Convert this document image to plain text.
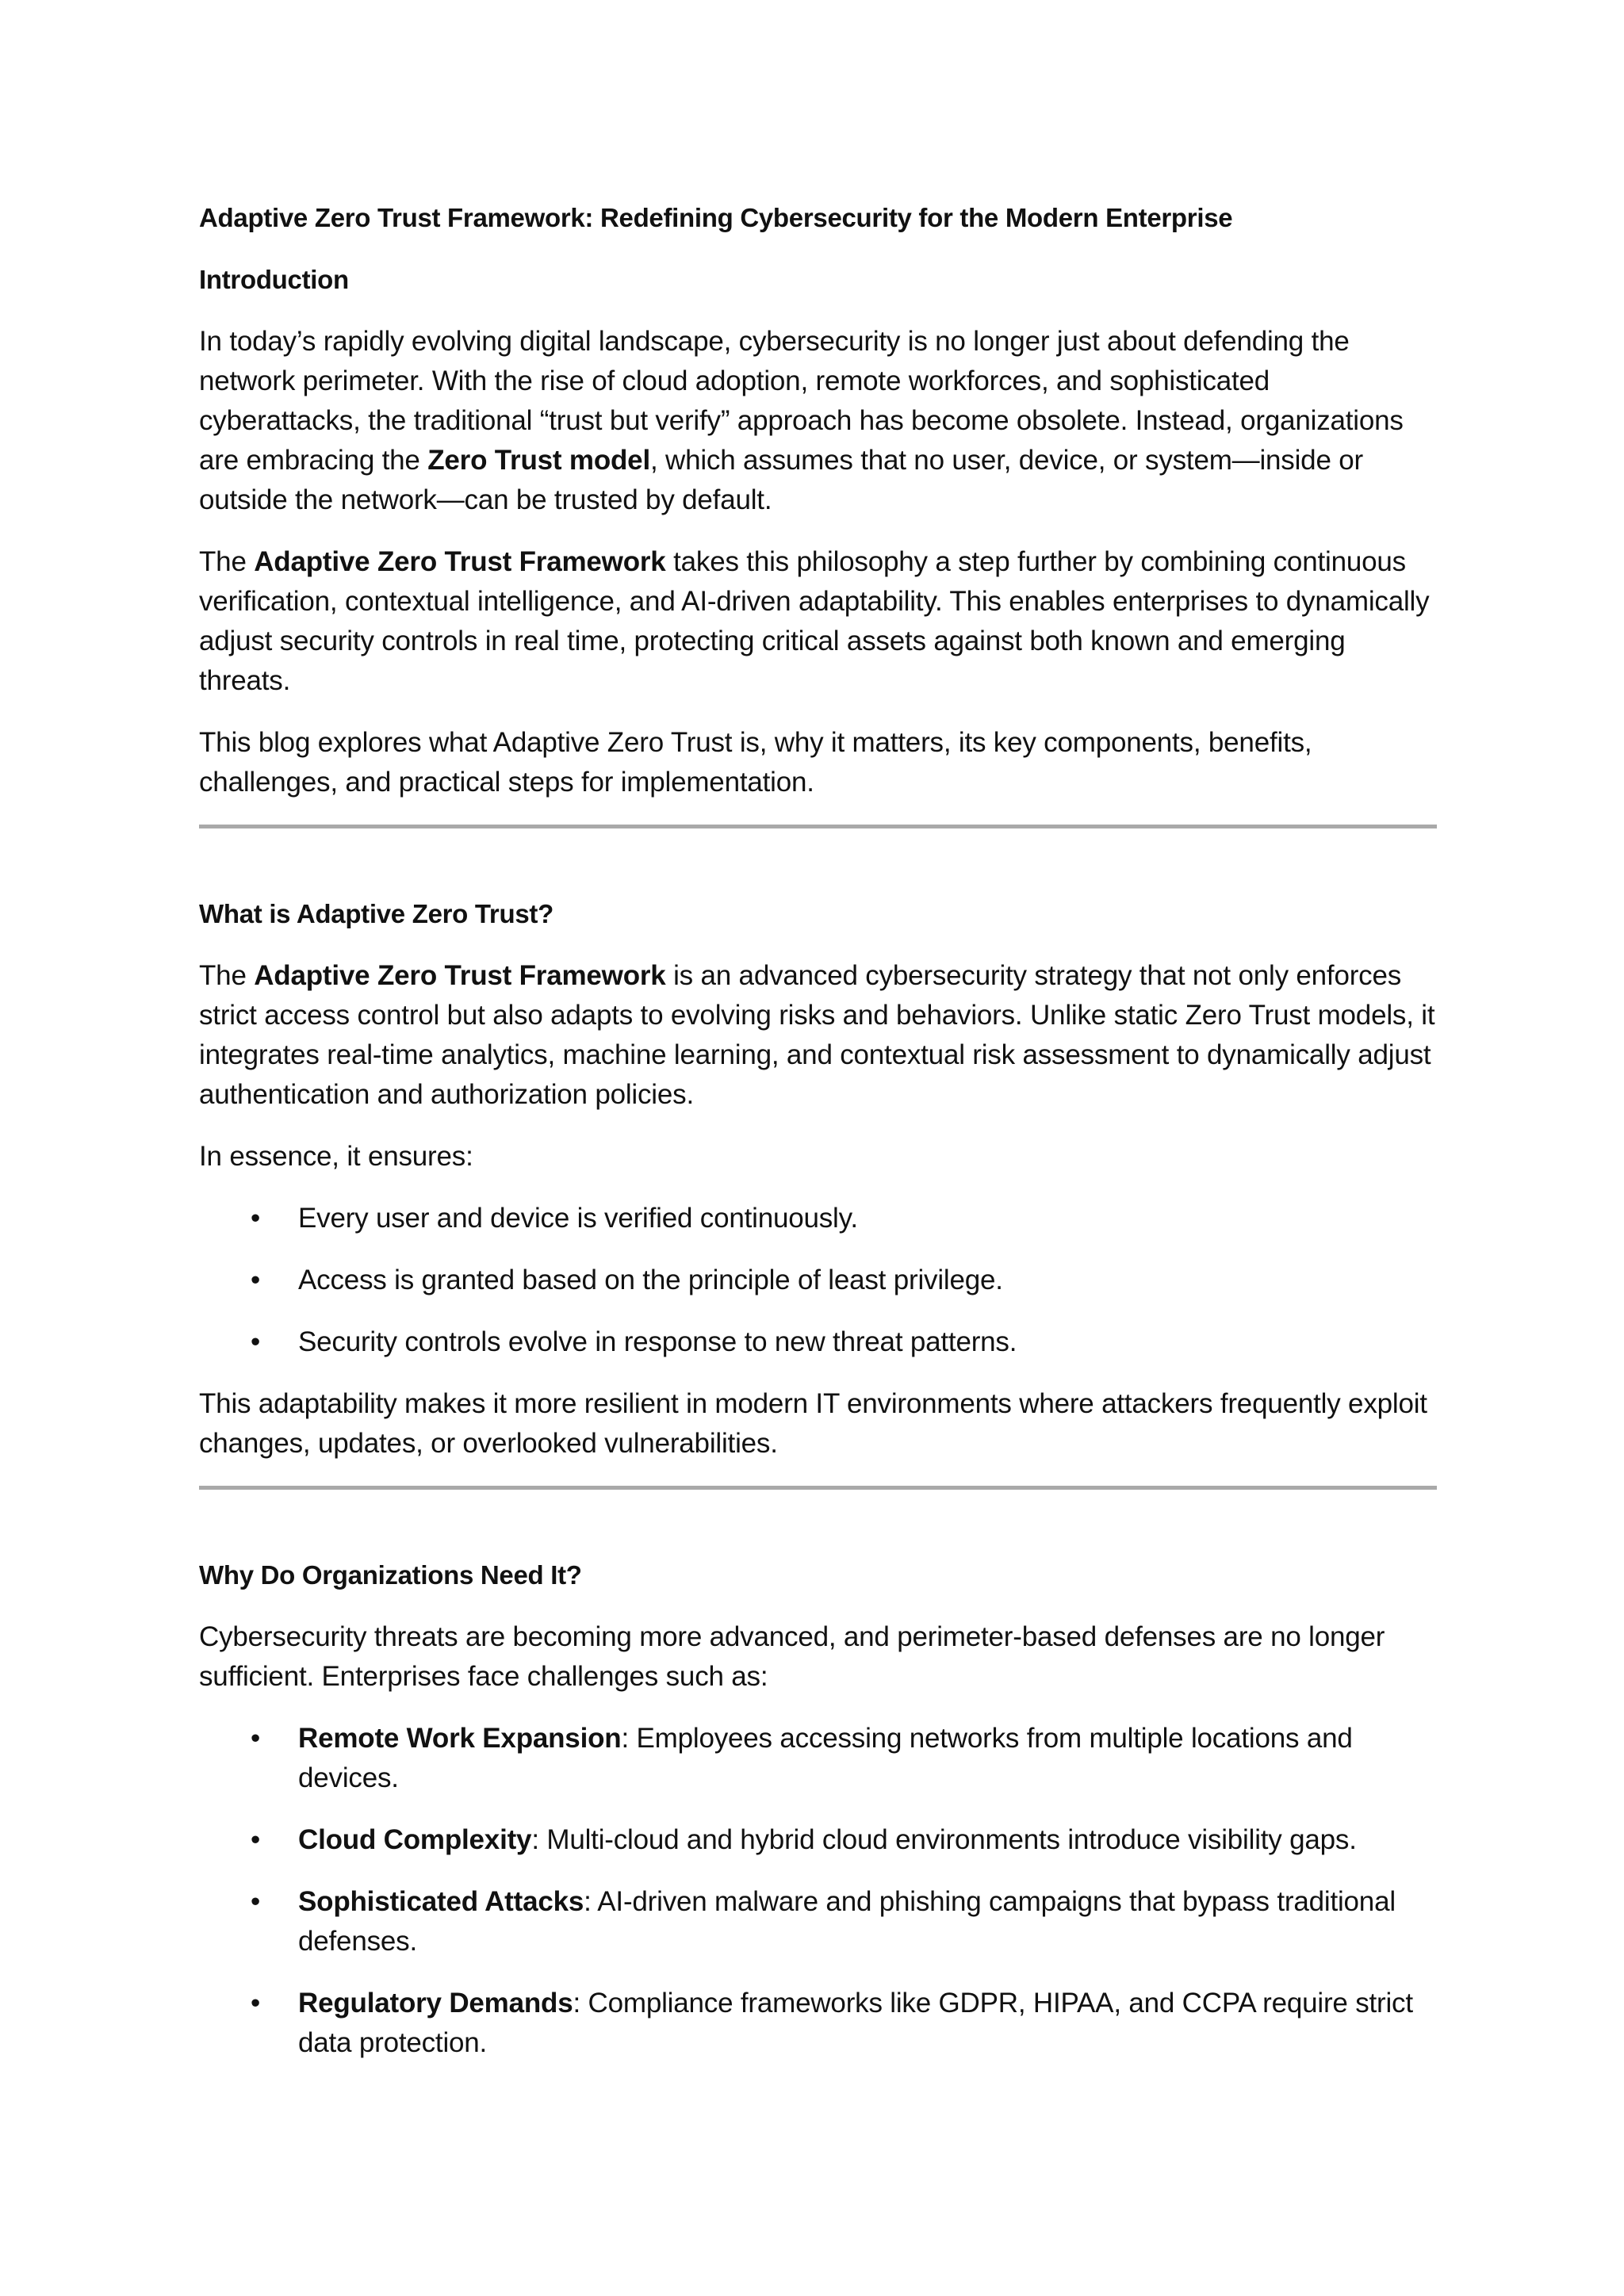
Adaptive Zero Trust Framework: Redefining Cybersecurity for the Modern Enterprise
Introduction

In today’s rapidly evolving digital landscape, cybersecurity is no longer just about defending the network perimeter. With the rise of cloud adoption, remote workforces, and sophisticated cyberattacks, the traditional “trust but verify” approach has become obsolete. Instead, organizations are embracing the Zero Trust model, which assumes that no user, device, or system—inside or outside the network—can be trusted by default.

The Adaptive Zero Trust Framework takes this philosophy a step further by combining continuous verification, contextual intelligence, and AI-driven adaptability. This enables enterprises to dynamically adjust security controls in real time, protecting critical assets against both known and emerging threats.

This blog explores what Adaptive Zero Trust is, why it matters, its key components, benefits, challenges, and practical steps for implementation.

What is Adaptive Zero Trust?

The Adaptive Zero Trust Framework is an advanced cybersecurity strategy that not only enforces strict access control but also adapts to evolving risks and behaviors. Unlike static Zero Trust models, it integrates real-time analytics, machine learning, and contextual risk assessment to dynamically adjust authentication and authorization policies.

In essence, it ensures:

• Every user and device is verified continuously.
• Access is granted based on the principle of least privilege.
• Security controls evolve in response to new threat patterns.

This adaptability makes it more resilient in modern IT environments where attackers frequently exploit changes, updates, or overlooked vulnerabilities.

Why Do Organizations Need It?

Cybersecurity threats are becoming more advanced, and perimeter-based defenses are no longer sufficient. Enterprises face challenges such as:

• Remote Work Expansion: Employees accessing networks from multiple locations and devices.
• Cloud Complexity: Multi-cloud and hybrid cloud environments introduce visibility gaps.
• Sophisticated Attacks: AI-driven malware and phishing campaigns that bypass traditional defenses.
• Regulatory Demands: Compliance frameworks like GDPR, HIPAA, and CCPA require strict data protection.
